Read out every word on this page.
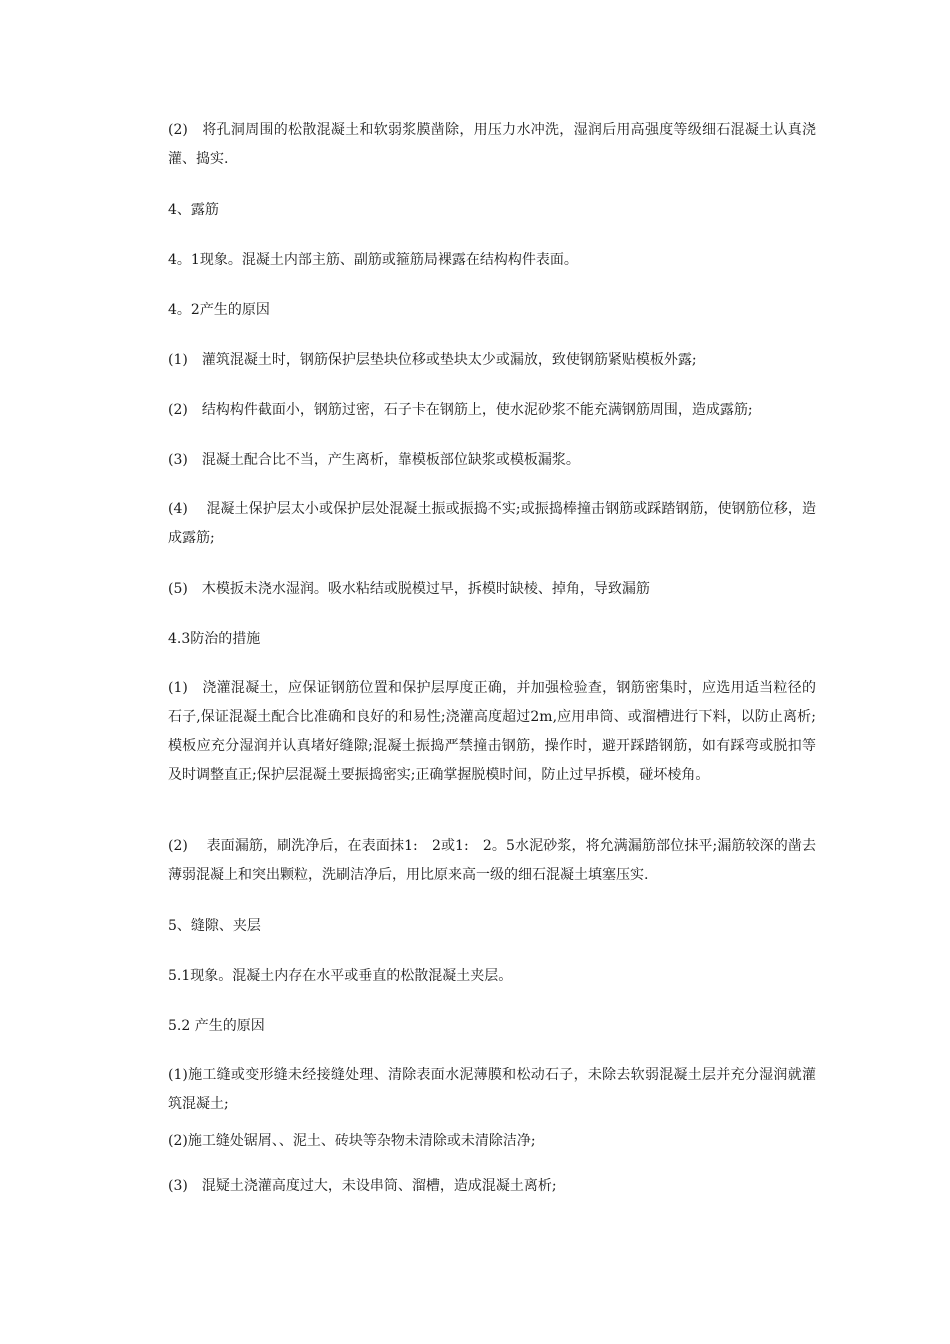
(2)　将孔洞周围的松散混凝土和软弱浆膜凿除，用压力水冲洗，湿润后用高强度等级细石混凝土认真浇灌、捣实.

4、露筋

4。1现象。混凝土内部主筋、副筋或箍筋局裸露在结构构件表面。

4。2产生的原因

(1)　灌筑混凝土时，钢筋保护层垫块位移或垫块太少或漏放，致使钢筋紧贴模板外露;

(2)　结构构件截面小，钢筋过密，石子卡在钢筋上，使水泥砂浆不能充满钢筋周围，造成露筋;

(3)　混凝土配合比不当，产生离析，靠模板部位缺浆或模板漏浆。

(4)　 混凝土保护层太小或保护层处混凝土振或振捣不实;或振捣棒撞击钢筋或踩踏钢筋，使钢筋位移，造成露筋;

(5)　木模扳未浇水湿润。吸水粘结或脱模过早，拆模时缺棱、掉角，导致漏筋

4.3防治的措施

(1)　浇灌混凝土，应保证钢筋位置和保护层厚度正确，并加强检验查，钢筋密集时，应选用适当粒径的石子,保证混凝土配合比准确和良好的和易性;浇灌高度超过2m,应用串筒、或溜槽进行下料，以防止离析;模板应充分湿润并认真堵好缝隙;混凝土振捣严禁撞击钢筋，操作时，避开踩踏钢筋，如有踩弯或脱扣等及时调整直正;保护层混凝土要振捣密实;正确掌握脱模时间，防止过早拆模，碰坏棱角。

(2)　 表面漏筋，刷洗净后，在表面抹1:　2或1:　2。5水泥砂浆，将允满漏筋部位抹平;漏筋较深的凿去薄弱混凝上和突出颗粒，洗刷洁净后，用比原来高一级的细石混凝土填塞压实.

5、缝隙、夹层

5.1现象。混凝土内存在水平或垂直的松散混凝土夹层。

5.2 产生的原因

(1)施工缝或变形缝未经接缝处理、清除表面水泥薄膜和松动石子，未除去软弱混凝土层并充分湿润就灌筑混凝土;

(2)施工缝处锯屑、、泥土、砖块等杂物未清除或未清除洁净;

(3)　混疑土浇灌高度过大，未设串筒、溜槽，造成混凝土离析;
